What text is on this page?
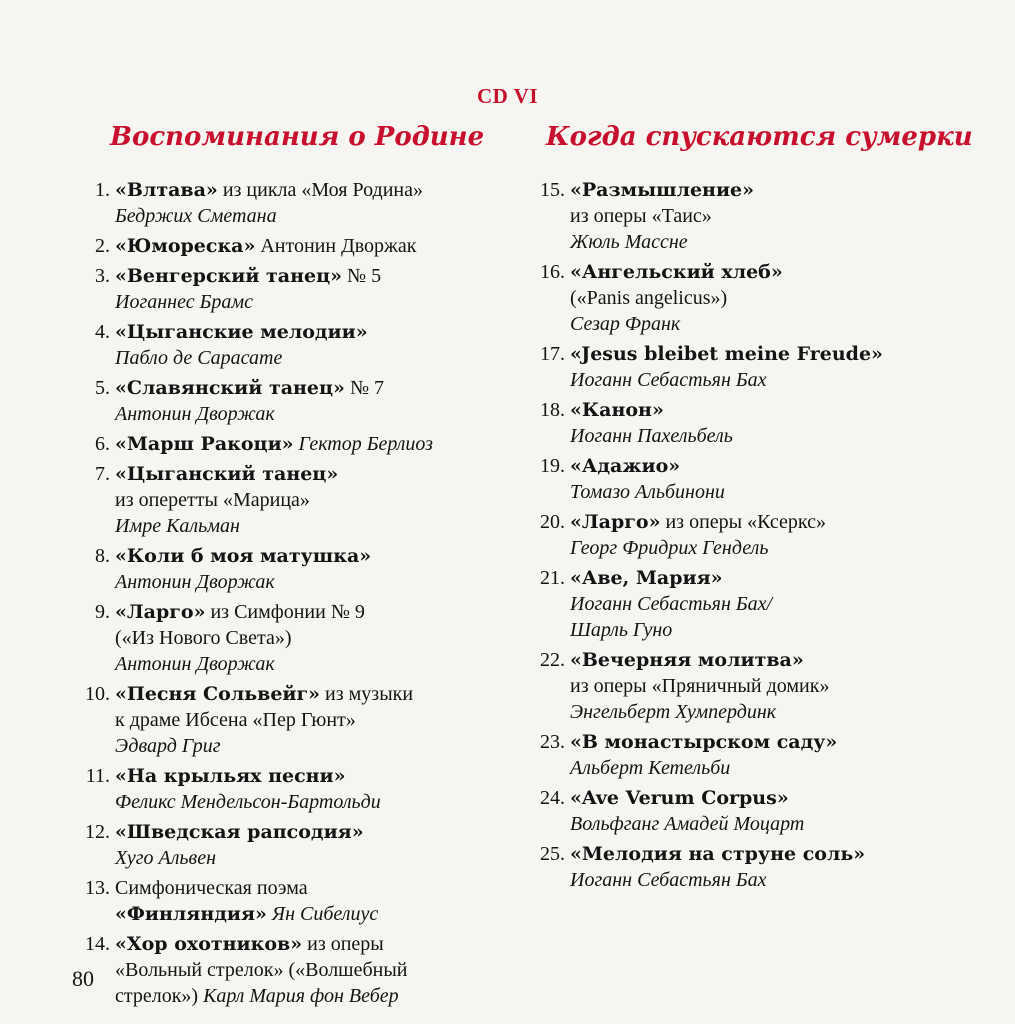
CD VI
Воспоминания о Родине Когда спускаются сумерки
1. «Влтава» из цикла «Моя Родина»
Бедржих Сметана
2. «Юмореска» Антонин Дворжак
3. «Венгерский танец» № 5
Иоганнес Брамс
4. «Цыганские мелодии»
Пабло де Сарасате
5. «Славянский танец» № 7
Антонин Дворжак
6. «Марш Ракоци» Гектор Берлиоз
7. «Цыганский танец»
из оперетты «Марица»
Имре Кальман
8. «Коли б моя матушка»
Антонин Дворжак
9. «Ларго» из Симфонии № 9
(«Из Нового Света»)
Антонин Дворжак
10. «Песня Сольвейг» из музыки
к драме Ибсена «Пер Гюнт»
Эдвард Григ
11. «На крыльях песни»
Феликс Мендельсон-Бартольди
12. «Шведская рапсодия»
Хуго Альвен
13. Симфоническая поэма
«Финляндия» Ян Сибелиус
14. «Хор охотников» из оперы
«Вольный стрелок» («Волшебный
стрелок») Карл Мария фон Вебер
15. «Размышление»
из оперы «Таис»
Жюль Массне
16. «Ангельский хлеб»
(«Panis angelicus»)
Сезар Франк
17. «Jesus bleibet meine Freude»
Иоганн Себастьян Бах
18. «Канон»
Иоганн Пахельбель
19. «Адажио»
Томазо Альбинони
20. «Ларго» из оперы «Ксеркс»
Георг Фридрих Гендель
21. «Аве, Мария»
Иоганн Себастьян Бах/
Шарль Гуно
22. «Вечерняя молитва»
из оперы «Пряничный домик»
Энгельберт Хумпердинк
23. «В монастырском саду»
Альберт Кетельби
24. «Ave Verum Corpus»
Вольфганг Амадей Моцарт
25. «Мелодия на струне соль»
Иоганн Себастьян Бах
80
